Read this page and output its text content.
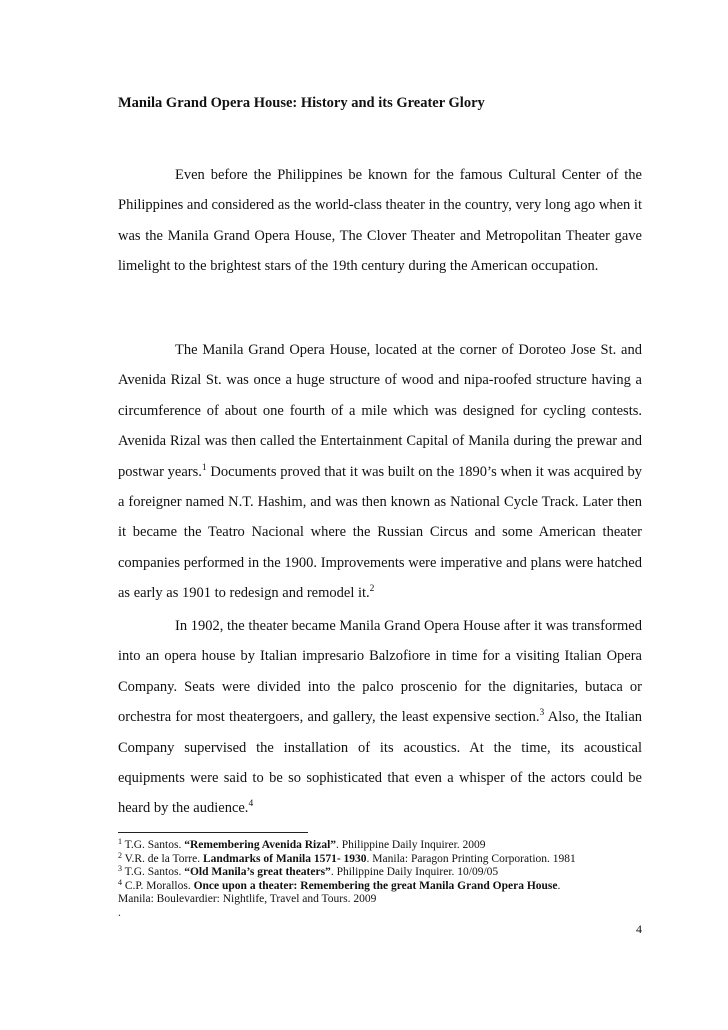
Manila Grand Opera House: History and its Greater Glory

Even before the Philippines be known for the famous Cultural Center of the Philippines and considered as the world-class theater in the country, very long ago when it was the Manila Grand Opera House, The Clover Theater and Metropolitan Theater gave limelight to the brightest stars of the 19th century during the American occupation.

The Manila Grand Opera House, located at the corner of Doroteo Jose St. and Avenida Rizal St. was once a huge structure of wood and nipa-roofed structure having a circumference of about one fourth of a mile which was designed for cycling contests. Avenida Rizal was then called the Entertainment Capital of Manila during the prewar and postwar years.$^1$ Documents proved that it was built on the 1890’s when it was acquired by a foreigner named N.T. Hashim, and was then known as National Cycle Track. Later then it became the Teatro Nacional where the Russian Circus and some American theater companies performed in the 1900. Improvements were imperative and plans were hatched as early as 1901 to redesign and remodel it.$^2$

In 1902, the theater became Manila Grand Opera House after it was transformed into an opera house by Italian impresario Balzofiore in time for a visiting Italian Opera Company. Seats were divided into the palco proscenio for the dignitaries, butaca or orchestra for most theatergoers, and gallery, the least expensive section.$^3$ Also, the Italian Company supervised the installation of its acoustics. At the time, its acoustical equipments were said to be so sophisticated that even a whisper of the actors could be heard by the audience.$^4$

$^1$ T.G. Santos. “Remembering Avenida Rizal”. Philippine Daily Inquirer. 2009
$^2$ V.R. de la Torre. Landmarks of Manila 1571- 1930. Manila: Paragon Printing Corporation. 1981
$^3$ T.G. Santos. “Old Manila’s great theaters”. Philippine Daily Inquirer. 10/09/05
$^4$ C.P. Morallos. Once upon a theater: Remembering the great Manila Grand Opera House.
Manila: Boulevardier: Nightlife, Travel and Tours. 2009
.
4
